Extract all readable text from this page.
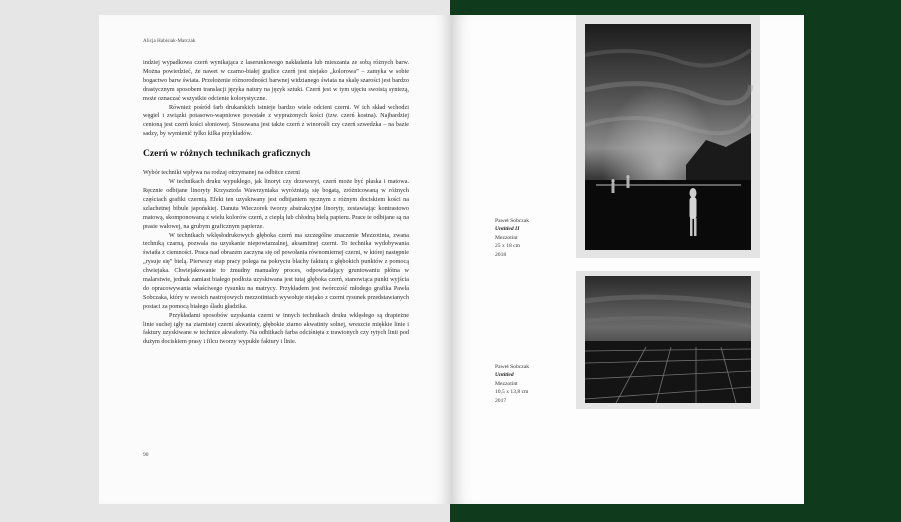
Alicja Habisiak-Matczak

indziej wypadkowa czerń wynikająca z laserunkowego nakładania lub mieszania ze sobą różnych barw. Można powiedzieć, że nawet w czarno-białej grafice czerń jest niejako „kolorowa” – zamyka w sobie bogactwo barw świata. Przełożenie różnorodności barwnej widzianego świata na skalę szarości jest bardzo drastycznym sposobem translacji języka natury na język sztuki. Czerń jest w tym ujęciu swoistą syntezą, może oznaczać wszystkie odcienie kolorystyczne.

Również pośród farb drukarskich istnieje bardzo wiele odcieni czerni. W ich skład wchodzi węgiel i związki potasowo-wapniowe powstałe z wyprażonych kości (tzw. czerń kostna). Najbardziej cenioną jest czerń kości słoniowej. Stosowana jest także czerń z winorośli czy czerń szwedzka – na bazie sadzy, by wymienić tylko kilka przykładów.

Czerń w różnych technikach graficznych

Wybór techniki wpływa na rodzaj otrzymanej na odbitce czerni

W technikach druku wypukłego, jak linoryt czy drzeworyt, czerń może być płaska i matowa. Ręcznie odbijane linoryty Krzysztofa Wawrzyniaka wyróżniają się bogatą, zróżnicowaną w różnych częściach grafiki czernią. Efekt ten uzyskiwany jest odbijaniem ręcznym z różnym dociskiem kości na szlachetnej bibule japońskiej. Danuta Wieczorek tworzy abstrakcyjne linoryty, zestawiając kontrastowo matową, skomponowaną z wielu kolorów czerń, z ciepłą lub chłodną bielą papieru. Prace te odbijane są na prasie wałowej, na grubym graficznym papierze.

W technikach wklęsłodrukowych głęboka czerń ma szczególne znaczenie Mezzotinta, zwana techniką czarną, pozwala na uzyskanie niepowtarzalnej, aksamitnej czerni. To technika wydobywania światła z ciemności. Praca nad obrazem zaczyna się od powołania równomiernej czerni, w której następnie „rysuje się” bielą. Pierwszy etap pracy polega na pokryciu blachy fakturą z głębokich punktów z pomocą chwiejaka. Chwiejakowanie to żmudny manualny proces, odpowiadający gruntowaniu płótna w malarstwie, jednak zamiast białego podłoża uzyskiwana jest tutaj głęboka czerń, stanowiąca punkt wyjścia do opracowywania właściwego rysunku na matrycy. Przykładem jest twórczość młodego grafika Pawła Sobczaka, który w swoich nastrojowych mezzotintach wywołuje niejako z czerni rysunek przedstawianych postaci za pomocą białego śladu gładzika.

Przykładami sposobów uzyskania czerni w innych technikach druku wklęsłego są drapieżne linie suchej igły na ziarnistej czerni akwatinty, głębokie ziarno akwatinty solnej, wreszcie miękkie linie i faktury uzyskiwane w technice akwaforty. Na odbitkach farba odciśnięta z trawionych czy rytych linii pod dużym dociskiem prasy i filcu tworzy wypukłe faktury i linie.

90
Paweł Sobczak
Untitled II
Mezzotint
25 x 18 cm
2018
Paweł Sobczak
Untitled
Mezzotint
10,5 x 13,8 cm
2017
